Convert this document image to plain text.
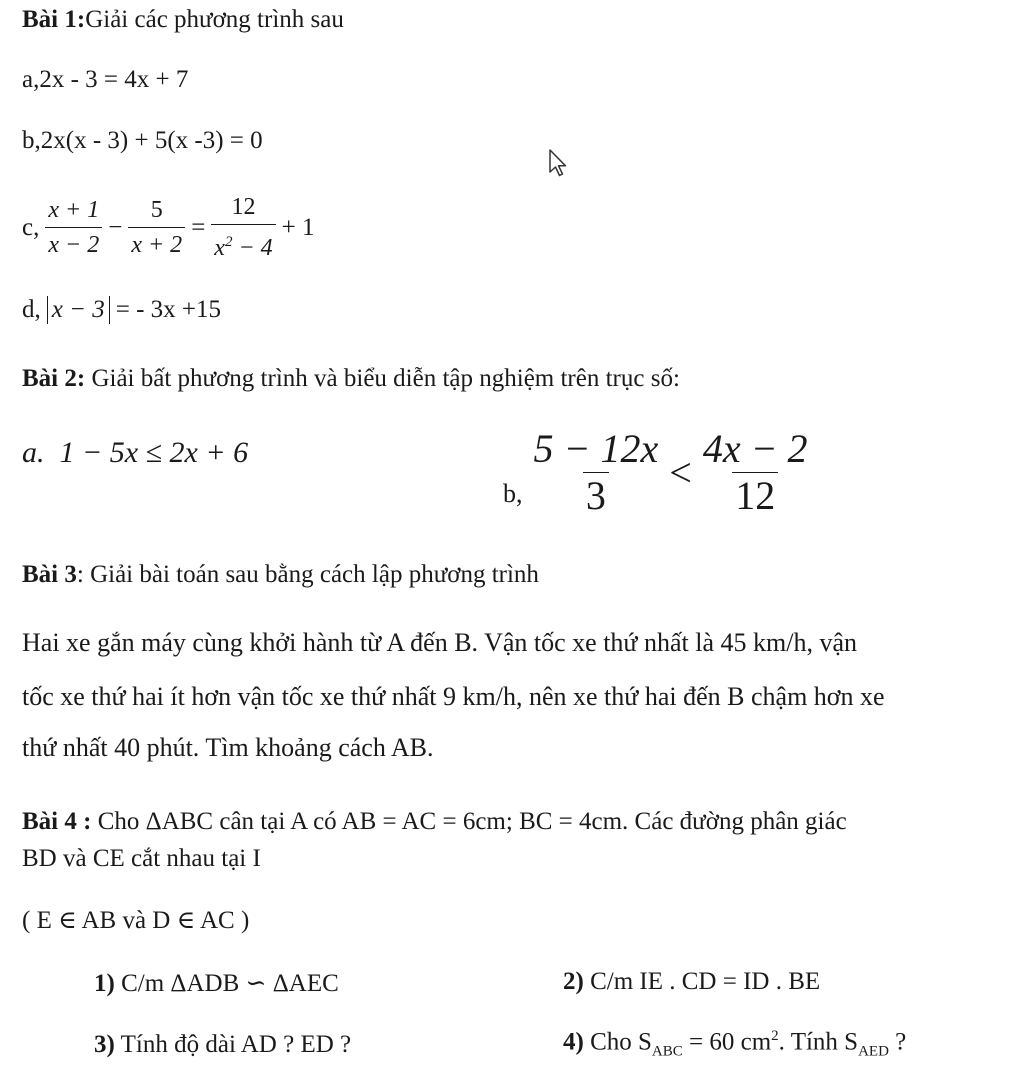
Bài 1:Giải các phương trình sau
a,2x - 3 = 4x + 7
b,2x(x - 3) + 5(x -3) = 0
c, $\frac{x + 1}{x - 2} - \frac{5}{x + 2} = \frac{12}{x^2 - 4} + 1$
d, x − 3 = - 3x +15
Bài 2: Giải bất phương trình và biểu diễn tập nghiệm trên trục số:
a. 1 − 5x ≤ 2x + 6
b, $\frac{5 - 12x}{3} < \frac{4x - 2}{12}$
Bài 3: Giải bài toán sau bằng cách lập phương trình
Hai xe gắn máy cùng khởi hành từ A đến B. Vận tốc xe thứ nhất là 45 km/h, vận
tốc xe thứ hai ít hơn vận tốc xe thứ nhất 9 km/h, nên xe thứ hai đến B chậm hơn xe
thứ nhất 40 phút. Tìm khoảng cách AB.
Bài 4 : Cho ΔABC cân tại A có AB = AC = 6cm; BC = 4cm. Các đường phân giác
BD và CE cắt nhau tại I
( E ∈ AB và D ∈ AC )
1) C/m ΔADB ∽ ΔAEC	2) C/m IE . CD = ID . BE
3) Tính độ dài AD ? ED ?	4) Cho $S_{ABC} = 60$ $cm^2$. Tính $S_{AED}$ ?
